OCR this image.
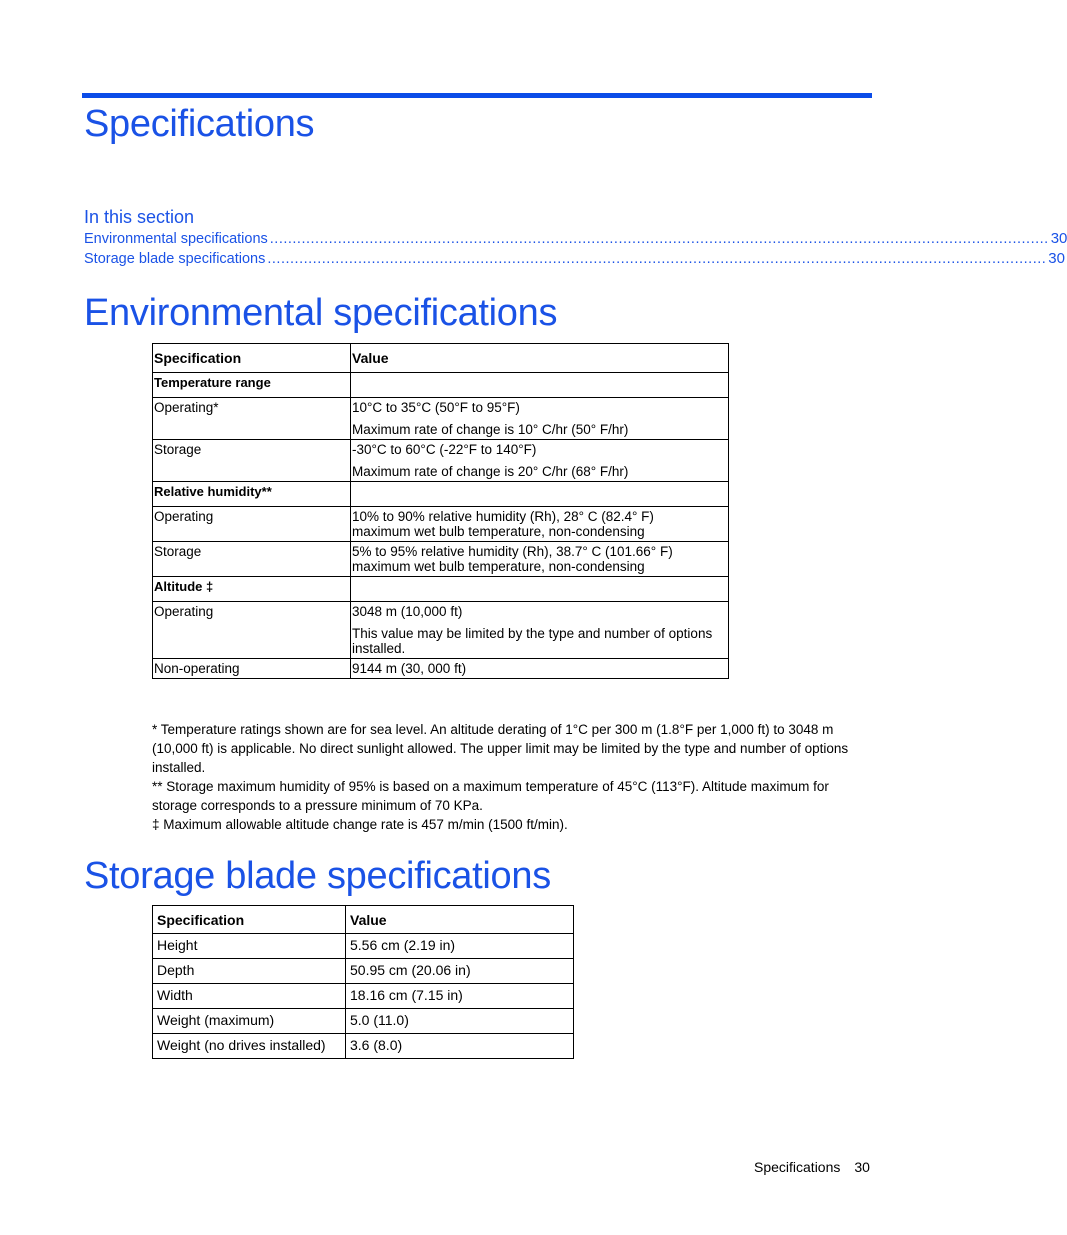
Specifications
In this section
Environmental specifications ............................................................................................................................................................................ 30
Storage blade specifications ............................................................................................................................................................................ 30
Environmental specifications
Specification	Value
Temperature range	
Operating*	10°C to 35°C (50°F to 95°F)
Maximum rate of change is 10° C/hr (50° F/hr)

Storage	-30°C to 60°C (-22°F to 140°F)
Maximum rate of change is 20° C/hr (68° F/hr)

Relative humidity**	
Operating	10% to 90% relative humidity (Rh), 28° C (82.4° F)
maximum wet bulb temperature, non-condensing

Storage	5% to 95% relative humidity (Rh), 38.7° C (101.66° F)
maximum wet bulb temperature, non-condensing

Altitude ‡	
Operating	3048 m (10,000 ft)
This value may be limited by the type and number of options installed.

Non-operating	9144 m (30, 000 ft)

* Temperature ratings shown are for sea level. An altitude derating of 1°C per 300 m (1.8°F per 1,000 ft) to 3048 m (10,000 ft) is applicable. No direct sunlight allowed. The upper limit may be limited by the type and number of options installed.

** Storage maximum humidity of 95% is based on a maximum temperature of 45°C (113°F). Altitude maximum for storage corresponds to a pressure minimum of 70 KPa.

‡ Maximum allowable altitude change rate is 457 m/min (1500 ft/min).

Storage blade specifications
Specification	Value
Height	5.56 cm (2.19 in)
Depth	50.95 cm (20.06 in)
Width	18.16 cm (7.15 in)
Weight (maximum)	5.0 (11.0)
Weight (no drives installed)	3.6 (8.0)
Specifications 30
